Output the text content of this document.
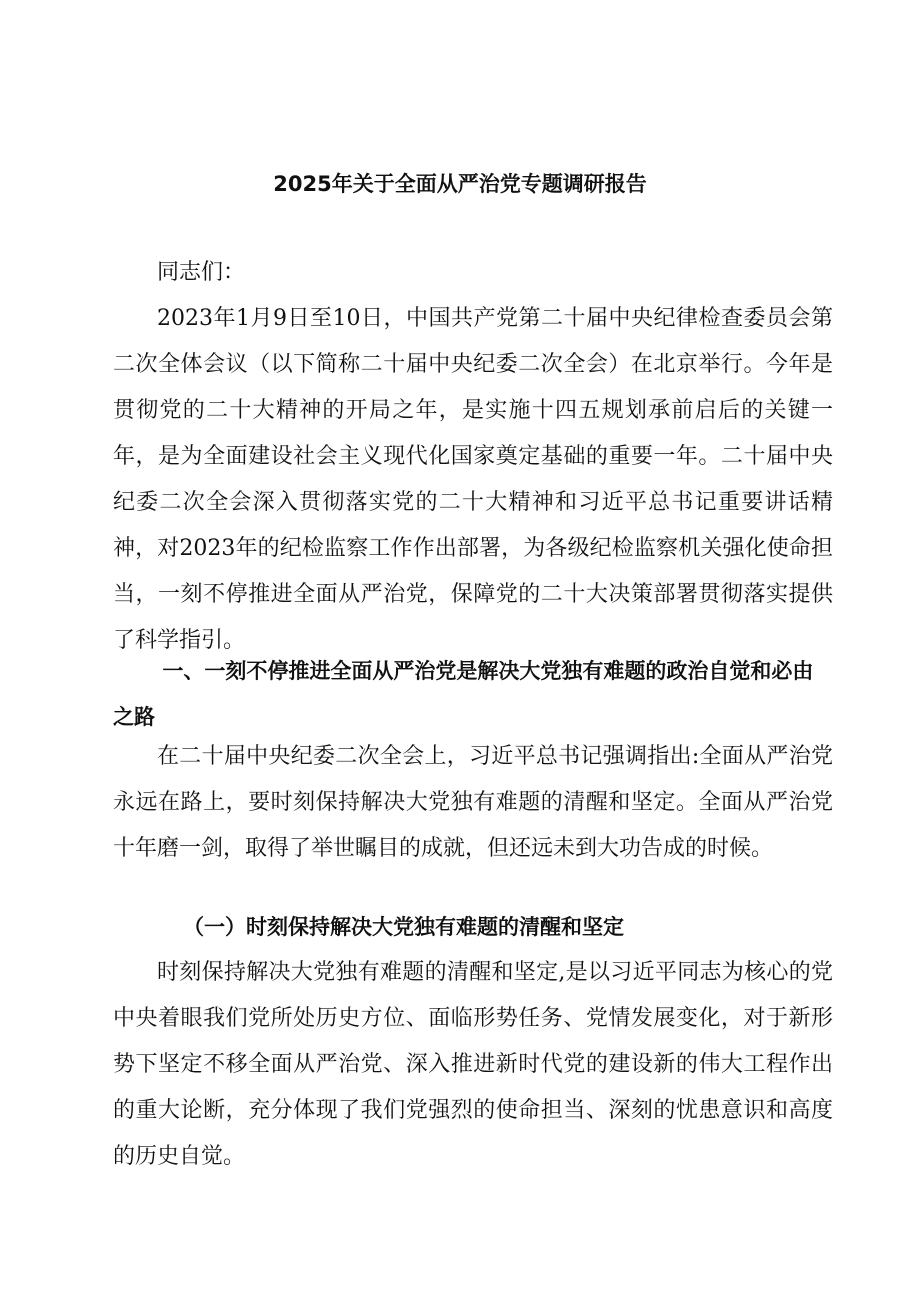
2025年关于全面从严治党专题调研报告

同志们：

2023年1月9日至10日，中国共产党第二十届中央纪律检查委员会第二次全体会议（以下简称二十届中央纪委二次全会）在北京举行。今年是贯彻党的二十大精神的开局之年，是实施十四五规划承前启后的关键一年，是为全面建设社会主义现代化国家奠定基础的重要一年。二十届中央纪委二次全会深入贯彻落实党的二十大精神和习近平总书记重要讲话精神，对2023年的纪检监察工作作出部署，为各级纪检监察机关强化使命担当，一刻不停推进全面从严治党，保障党的二十大决策部署贯彻落实提供了科学指引。

一、一刻不停推进全面从严治党是解决大党独有难题的政治自觉和必由之路

在二十届中央纪委二次全会上，习近平总书记强调指出:全面从严治党永远在路上，要时刻保持解决大党独有难题的清醒和坚定。全面从严治党十年磨一剑，取得了举世瞩目的成就，但还远未到大功告成的时候。

（一）时刻保持解决大党独有难题的清醒和坚定

时刻保持解决大党独有难题的清醒和坚定,是以习近平同志为核心的党中央着眼我们党所处历史方位、面临形势任务、党情发展变化，对于新形势下坚定不移全面从严治党、深入推进新时代党的建设新的伟大工程作出的重大论断，充分体现了我们党强烈的使命担当、深刻的忧患意识和高度的历史自觉。
